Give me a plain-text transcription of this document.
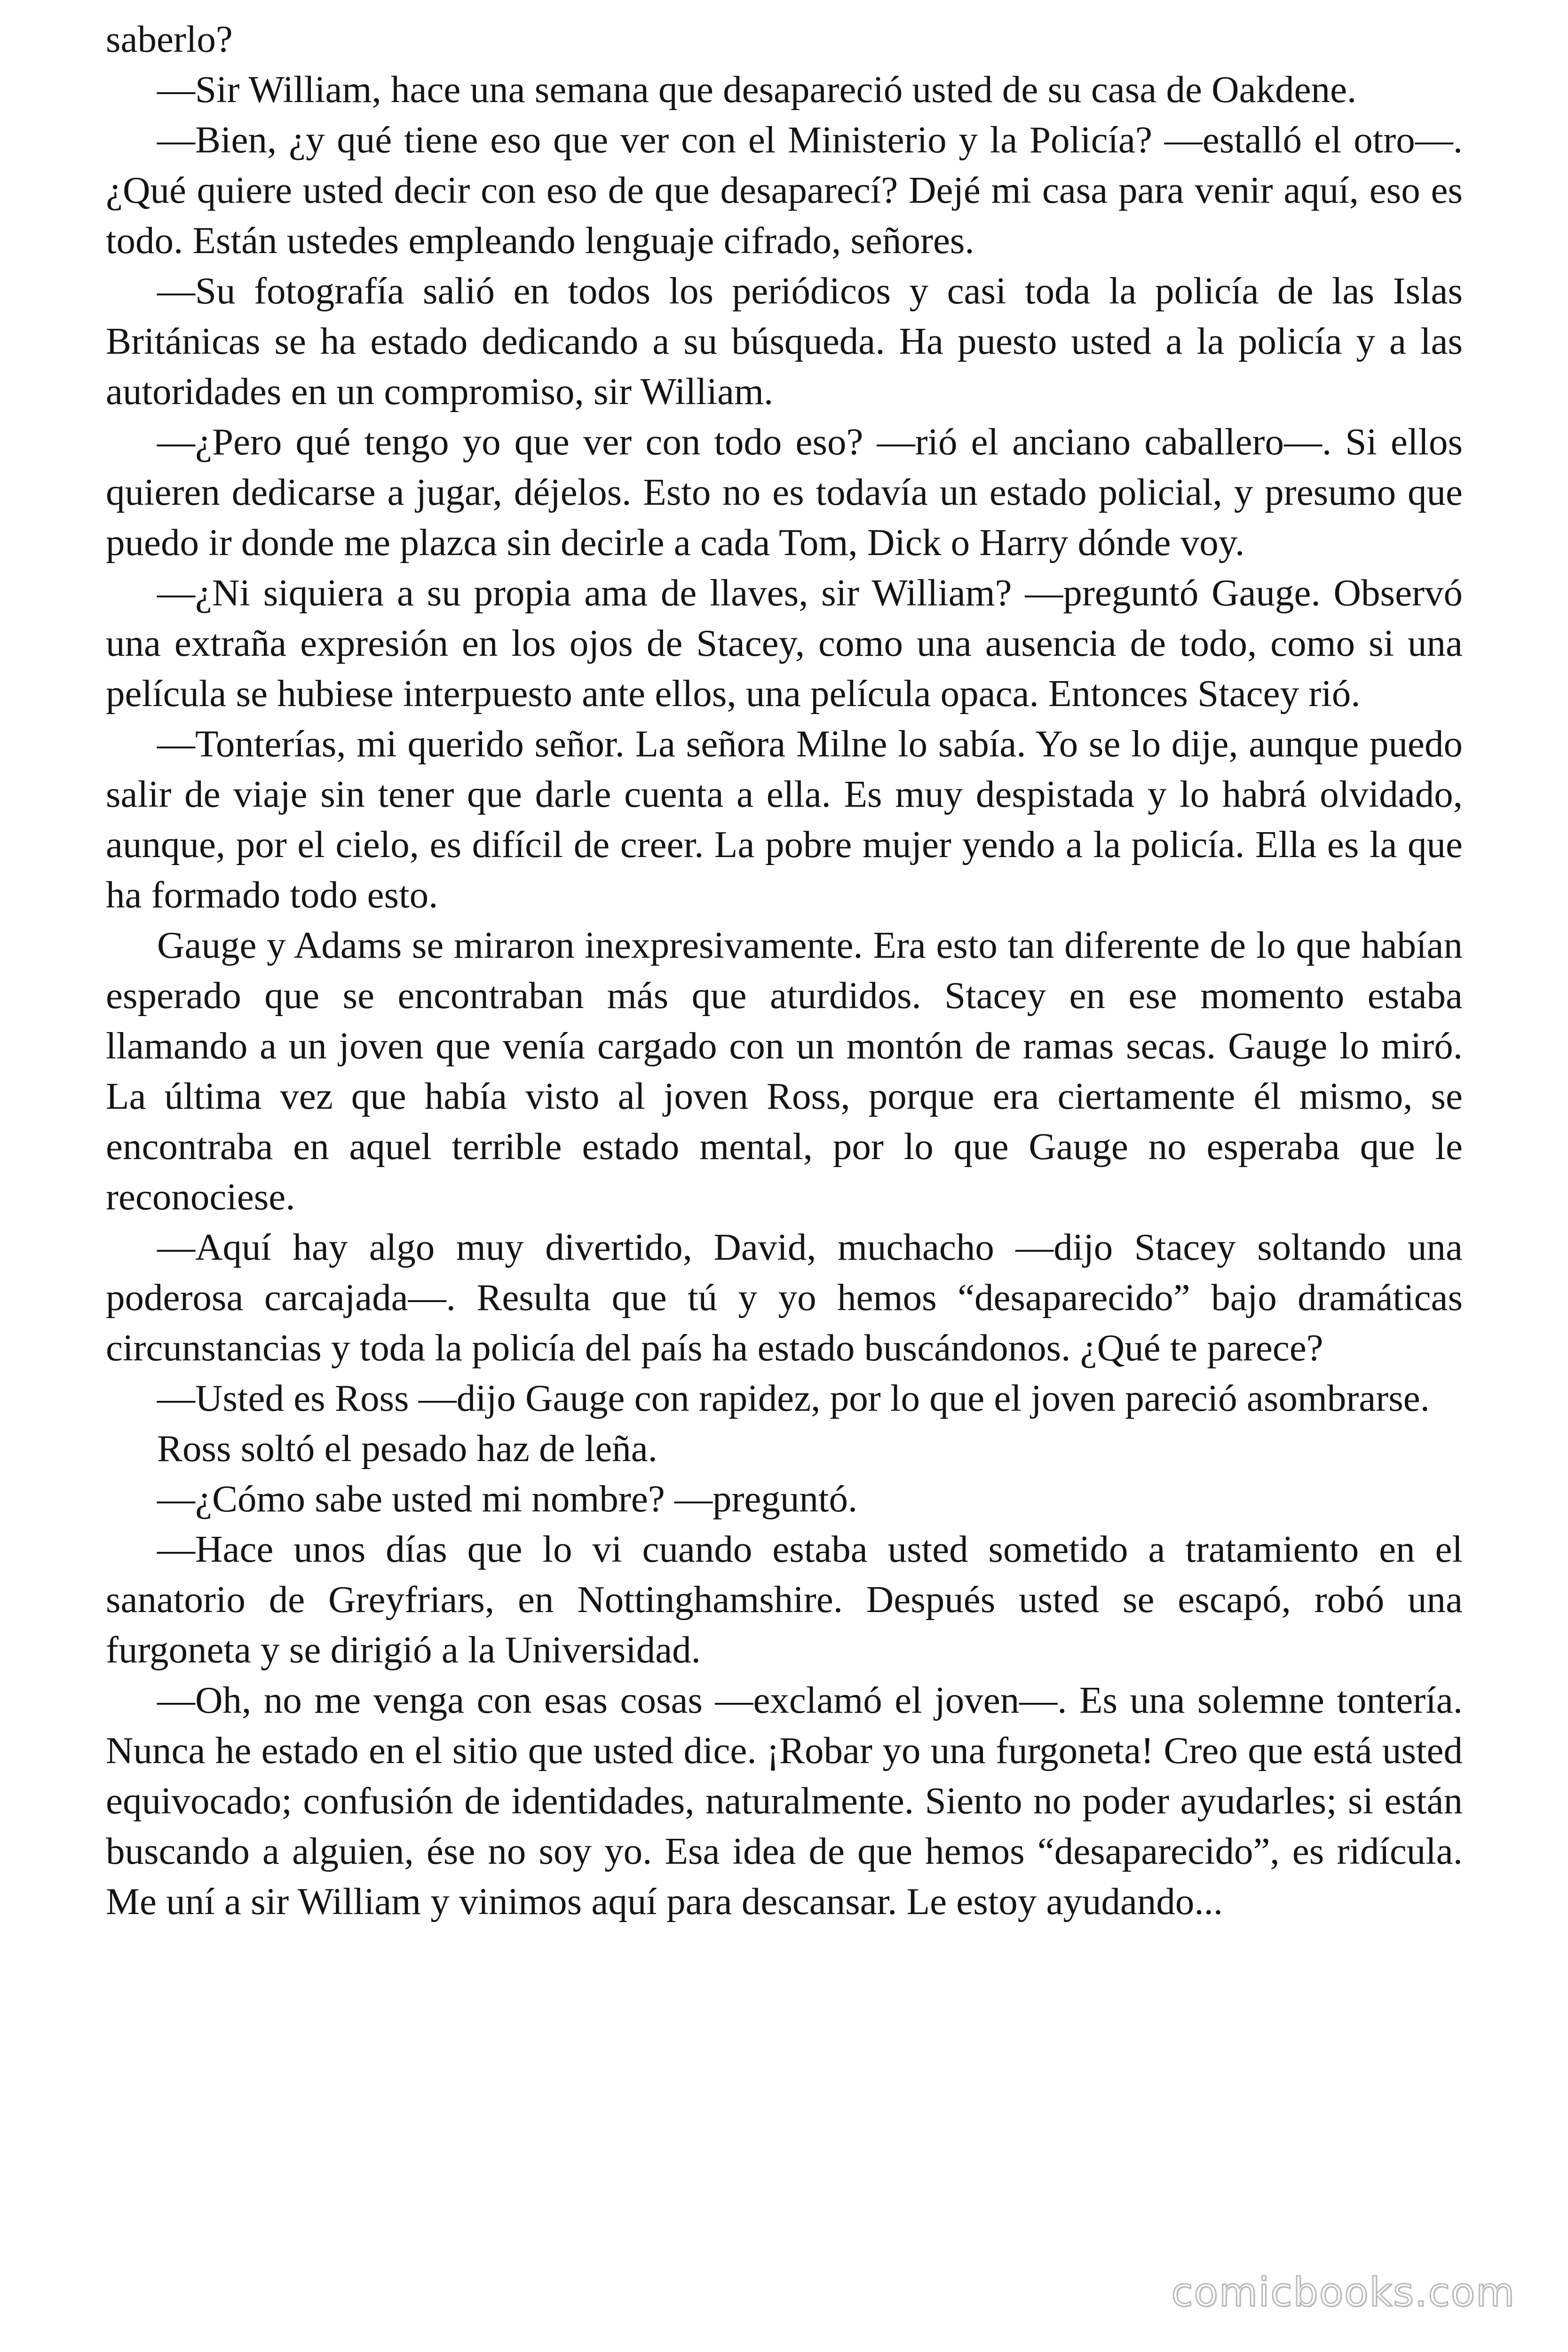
saberlo?

—Sir William, hace una semana que desapareció usted de su casa de Oakdene.

—Bien, ¿y qué tiene eso que ver con el Ministerio y la Policía? —estalló el otro—. ¿Qué quiere usted decir con eso de que desaparecí? Dejé mi casa para venir aquí, eso es todo. Están ustedes empleando lenguaje cifrado, señores.

—Su fotografía salió en todos los periódicos y casi toda la policía de las Islas Británicas se ha estado dedicando a su búsqueda. Ha puesto usted a la policía y a las autoridades en un compromiso, sir William.

—¿Pero qué tengo yo que ver con todo eso? —rió el anciano caballero—. Si ellos quieren dedicarse a jugar, déjelos. Esto no es todavía un estado policial, y presumo que puedo ir donde me plazca sin decirle a cada Tom, Dick o Harry dónde voy.

—¿Ni siquiera a su propia ama de llaves, sir William? —preguntó Gauge. Observó una extraña expresión en los ojos de Stacey, como una ausencia de todo, como si una película se hubiese interpuesto ante ellos, una película opaca. Entonces Stacey rió.

—Tonterías, mi querido señor. La señora Milne lo sabía. Yo se lo dije, aunque puedo salir de viaje sin tener que darle cuenta a ella. Es muy despistada y lo habrá olvidado, aunque, por el cielo, es difícil de creer. La pobre mujer yendo a la policía. Ella es la que ha formado todo esto.

Gauge y Adams se miraron inexpresivamente. Era esto tan diferente de lo que habían esperado que se encontraban más que aturdidos. Stacey en ese momento estaba llamando a un joven que venía cargado con un montón de ramas secas. Gauge lo miró. La última vez que había visto al joven Ross, porque era ciertamente él mismo, se encontraba en aquel terrible estado mental, por lo que Gauge no esperaba que le reconociese.

—Aquí hay algo muy divertido, David, muchacho —dijo Stacey soltando una poderosa carcajada—. Resulta que tú y yo hemos “desaparecido” bajo dramáticas circunstancias y toda la policía del país ha estado buscándonos. ¿Qué te parece?

—Usted es Ross —dijo Gauge con rapidez, por lo que el joven pareció asombrarse.

Ross soltó el pesado haz de leña.

—¿Cómo sabe usted mi nombre? —preguntó.

—Hace unos días que lo vi cuando estaba usted sometido a tratamiento en el sanatorio de Greyfriars, en Nottinghamshire. Después usted se escapó, robó una furgoneta y se dirigió a la Universidad.

—Oh, no me venga con esas cosas —exclamó el joven—. Es una solemne tontería. Nunca he estado en el sitio que usted dice. ¡Robar yo una furgoneta! Creo que está usted equivocado; confusión de identidades, naturalmente. Siento no poder ayudarles; si están buscando a alguien, ése no soy yo. Esa idea de que hemos “desaparecido”, es ridícula. Me uní a sir William y vinimos aquí para descansar. Le estoy ayudando...

comicbooks.com
